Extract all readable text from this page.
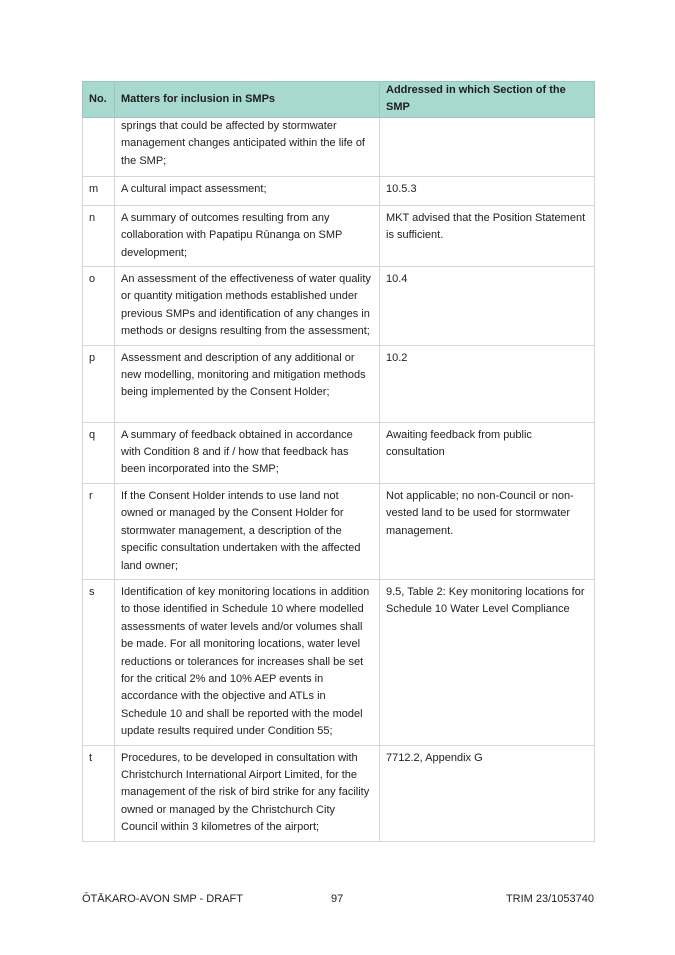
No.	Matters for inclusion in SMPs	Addressed in which Section of the SMP

	springs that could be affected by stormwater management changes anticipated within the life of the SMP;	

m	A cultural impact assessment;	10.5.3

n	A summary of outcomes resulting from any collaboration with Papatipu Rūnanga on SMP development;	MKT advised that the Position Statement is sufficient.

o	An assessment of the effectiveness of water quality or quantity mitigation methods established under previous SMPs and identification of any changes in methods or designs resulting from the assessment;	10.4

p	Assessment and description of any additional or new modelling, monitoring and mitigation methods being implemented by the Consent Holder;	10.2

q	A summary of feedback obtained in accordance with Condition 8 and if / how that feedback has been incorporated into the SMP;	Awaiting feedback from public consultation

r	If the Consent Holder intends to use land not owned or managed by the Consent Holder for stormwater management, a description of the specific consultation undertaken with the affected land owner;	Not applicable; no non-Council or non-vested land to be used for stormwater management.

s	Identification of key monitoring locations in addition to those identified in Schedule 10 where modelled assessments of water levels and/or volumes shall be made. For all monitoring locations, water level reductions or tolerances for increases shall be set for the critical 2% and 10% AEP events in accordance with the objective and ATLs in Schedule 10 and shall be reported with the model update results required under Condition 55;	9.5, Table 2: Key monitoring locations for Schedule 10 Water Level Compliance

t	Procedures, to be developed in consultation with Christchurch International Airport Limited, for the management of the risk of bird strike for any facility owned or managed by the Christchurch City Council within 3 kilometres of the airport;	7712.2, Appendix G
ŌTĀKARO-AVON SMP - DRAFT	97	TRIM 23/1053740
